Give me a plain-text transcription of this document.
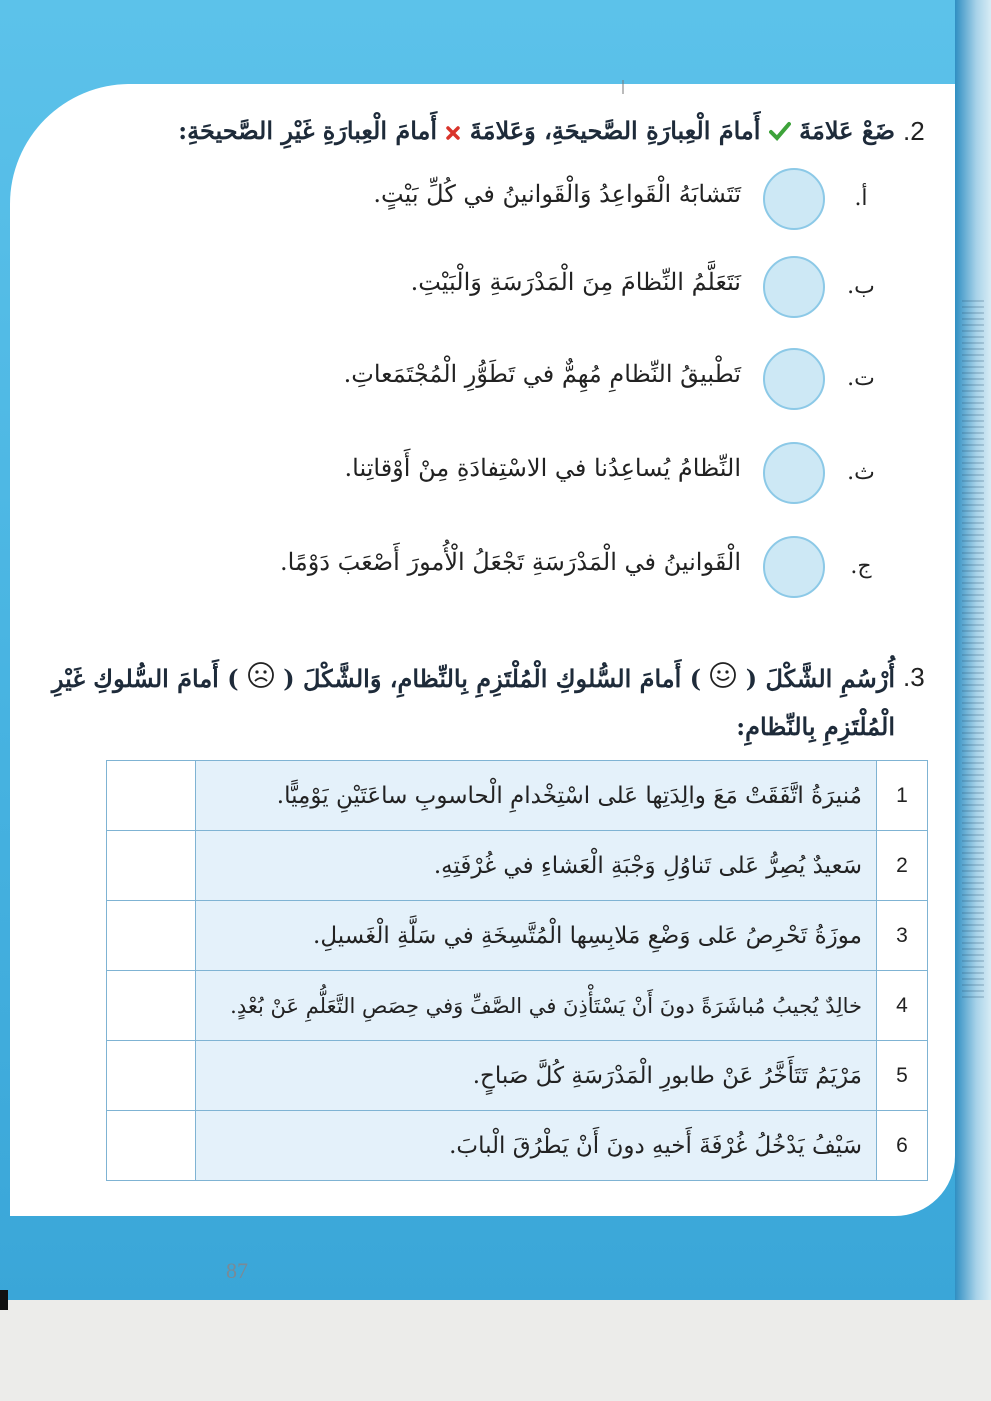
.2
ضَعْ عَلامَةَ  أَمامَ الْعِبارَةِ الصَّحيحَةِ، وَعَلامَةَ  أَمامَ الْعِبارَةِ غَيْرِ الصَّحيحَةِ:
أ.
تَتَشابَهُ الْقَواعِدُ وَالْقَوانينُ في كُلِّ بَيْتٍ.
ب.
نَتَعَلَّمُ النِّظامَ مِنَ الْمَدْرَسَةِ وَالْبَيْتِ.
ت.
تَطْبيقُ النِّظامِ مُهِمٌّ في تَطَوُّرِ الْمُجْتَمَعاتِ.
ث.
النِّظامُ يُساعِدُنا في الاسْتِفادَةِ مِنْ أَوْقاتِنا.
ج.
الْقَوانينُ في الْمَدْرَسَةِ تَجْعَلُ الْأُمورَ أَصْعَبَ دَوْمًا.
.3
أُرْسُمِ الشَّكْلَ (  ) أَمامَ السُّلوكِ الْمُلْتَزِمِ بِالنِّظامِ، وَالشَّكْلَ (  ) أَمامَ السُّلوكِ غَيْرِ
الْمُلْتَزِمِ بِالنِّظامِ:
1	مُنيرَةُ اتَّفَقَتْ مَعَ والِدَتِها عَلى اسْتِخْدامِ الْحاسوبِ ساعَتَيْنِ يَوْمِيًّا.	
2	سَعيدٌ يُصِرُّ عَلى تَناوُلِ وَجْبَةِ الْعَشاءِ في غُرْفَتِهِ.	
3	موزَةُ تَحْرِصُ عَلى وَضْعِ مَلابِسِها الْمُتَّسِخَةِ في سَلَّةِ الْغَسيلِ.	
4	خالِدٌ يُجيبُ مُباشَرَةً دونَ أَنْ يَسْتَأْذِنَ في الصَّفِّ وَفي حِصَصِ التَّعَلُّمِ عَنْ بُعْدٍ.	
5	مَرْيَمُ تَتَأَخَّرُ عَنْ طابورِ الْمَدْرَسَةِ كُلَّ صَباحٍ.	
6	سَيْفُ يَدْخُلُ غُرْفَةَ أَخيهِ دونَ أَنْ يَطْرُقَ الْبابَ.	
87
